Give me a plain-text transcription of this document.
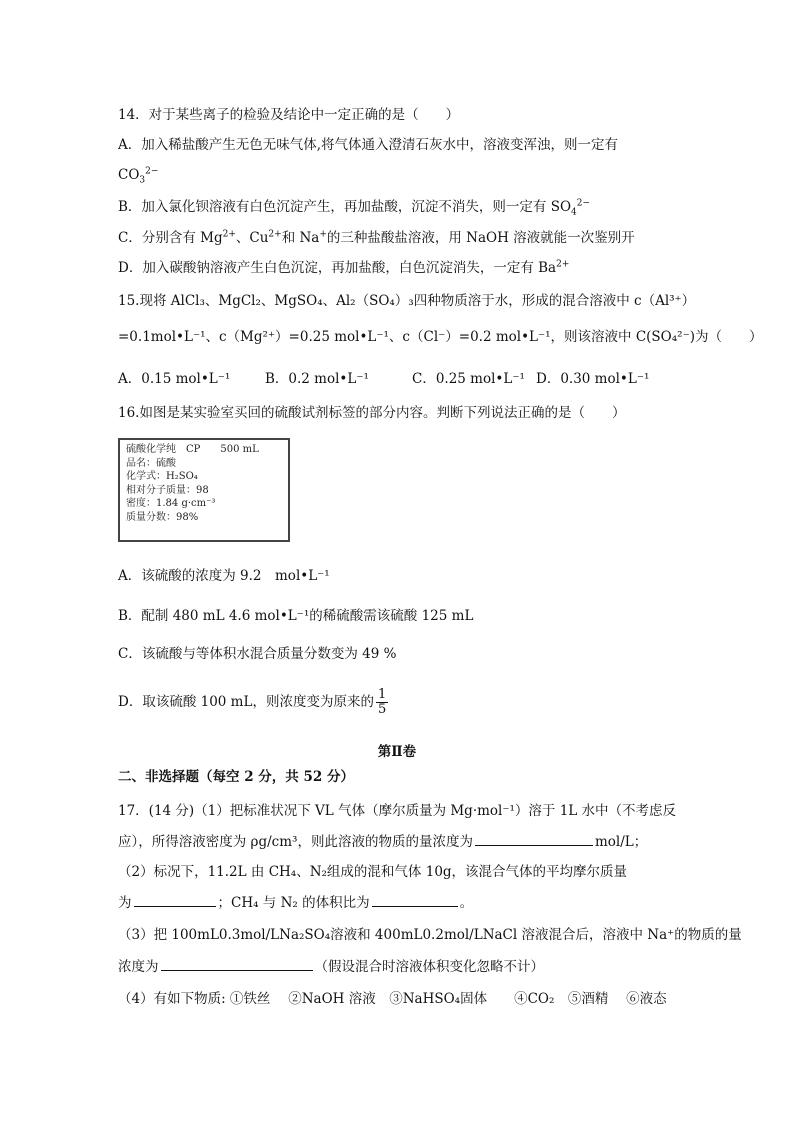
14．对于某些离子的检验及结论中一定正确的是（　　）
A．加入稀盐酸产生无色无味气体,将气体通入澄清石灰水中，溶液变浑浊，则一定有
$CO_3^{2-}$
B．加入氯化钡溶液有白色沉淀产生，再加盐酸，沉淀不消失，则一定有 $SO_4^{2-}$
C．分别含有 $Mg^{2+}$、$Cu^{2+}$和 Na+的三种盐酸盐溶液，用 NaOH 溶液就能一次鉴别开
D．加入碳酸钠溶液产生白色沉淀，再加盐酸，白色沉淀消失，一定有 $Ba^{2+}$
15.现将 AlCl₃、MgCl₂、MgSO₄、Al₂（SO₄）₃四种物质溶于水，形成的混合溶液中 c（Al³⁺）
=0.1mol•L⁻¹、c（Mg²⁺）=0.25 mol•L⁻¹、c（Cl⁻）=0.2 mol•L⁻¹，则该溶液中 C(SO₄²⁻)为（　　）
A．0.15 mol•L⁻¹	B．0.2 mol•L⁻¹	C．0.25 mol•L⁻¹ D．0.30 mol•L⁻¹
16.如图是某实验室买回的硫酸试剂标签的部分内容。判断下列说法正确的是（　　）
硫酸化学纯　CP　　500 mL
品名：硫酸
化学式：H₂SO₄
相对分子质量：98
密度：1.84 g·cm⁻³
质量分数：98%
A．该硫酸的浓度为 9.2　mol•L⁻¹
B．配制 480 mL 4.6 mol•L⁻¹的稀硫酸需该硫酸 125 mL
C．该硫酸与等体积水混合质量分数变为 49 %
D．取该硫酸 100 mL，则浓度变为原来的 $\frac{1}{5}$
第Ⅱ卷
二、非选择题（每空 2 分，共 52 分）
17．(14 分)（1）把标准状况下 VL 气体（摩尔质量为 Mg·mol⁻¹）溶于 1L 水中（不考虑反
应），所得溶液密度为 ρg/cm³，则此溶液的物质的量浓度为	mol/L；
（2）标况下，11.2L 由 CH₄、N₂组成的混和气体 10g，该混合气体的平均摩尔质量
为	；CH₄ 与 N₂ 的体积比为	。
（3）把 100mL0.3mol/LNa₂SO₄溶液和 400mL0.2mol/LNaCl 溶液混合后，溶液中 Na⁺的物质的量
浓度为	（假设混合时溶液体积变化忽略不计）
（4）有如下物质: ①铁丝　 ②NaOH 溶液　③NaHSO₄固体　　④CO₂　⑤酒精　 ⑥液态
